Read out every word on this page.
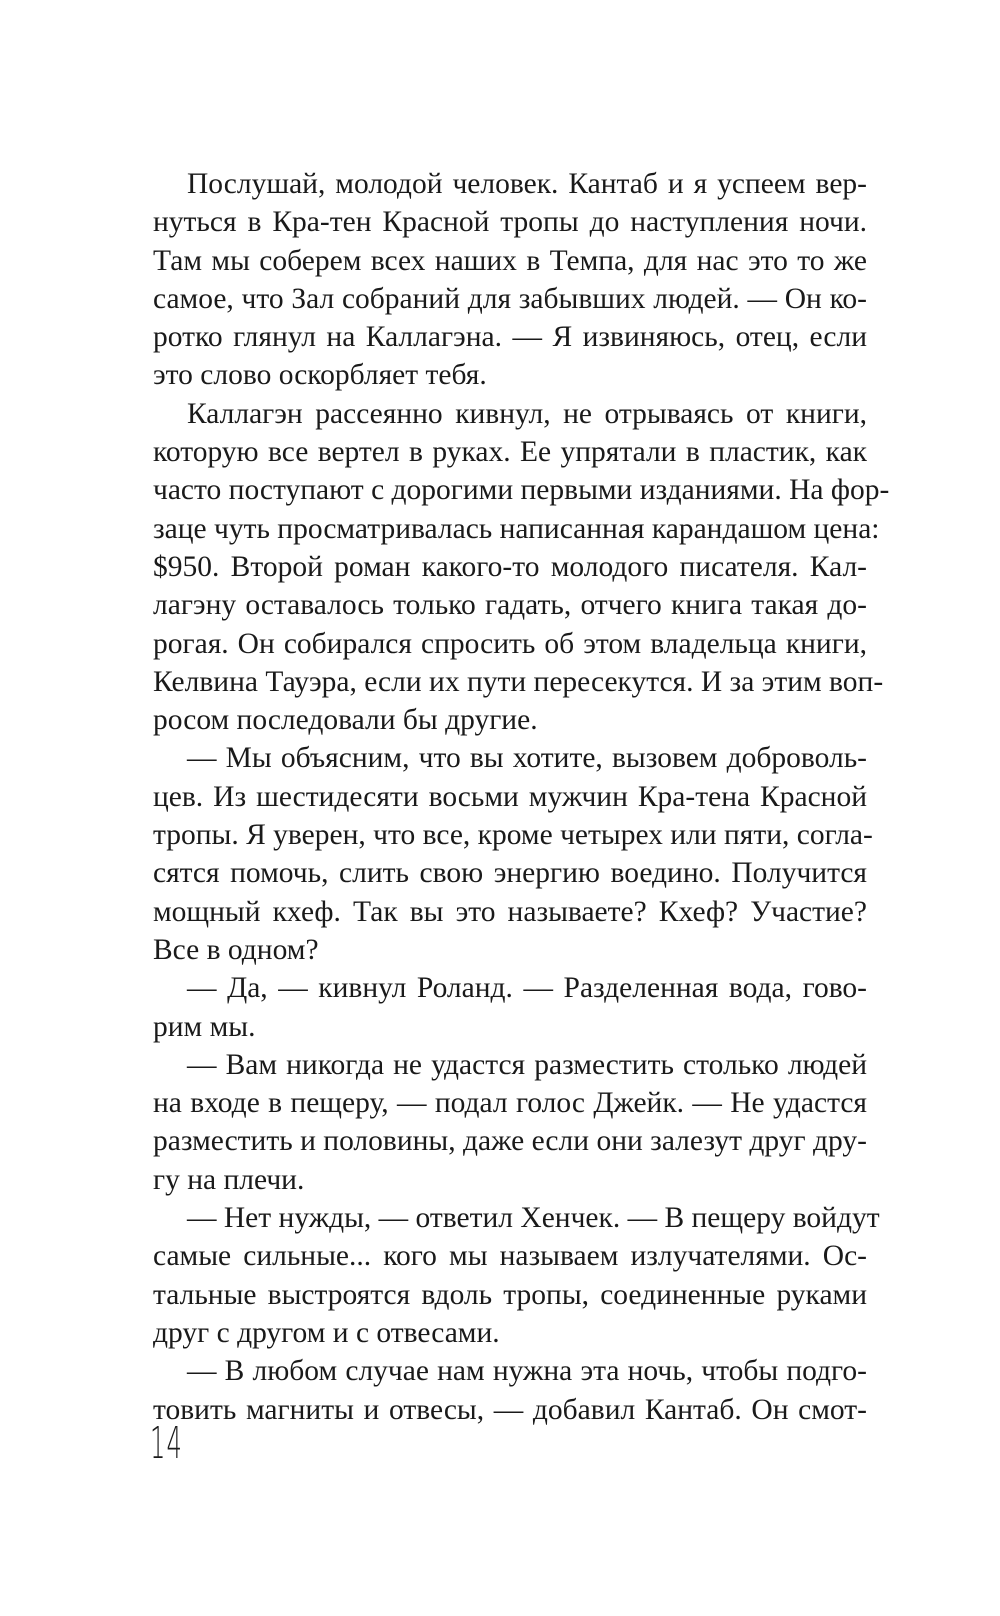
Послушай, молодой человек. Кантаб и я успеем вер-
нуться в Кра-тен Красной тропы до наступления ночи.
Там мы соберем всех наших в Темпа, для нас это то же
самое, что Зал собраний для забывших людей. — Он ко-
ротко глянул на Каллагэна. — Я извиняюсь, отец, если
это слово оскорбляет тебя.
Каллагэн рассеянно кивнул, не отрываясь от книги,
которую все вертел в руках. Ее упрятали в пластик, как
часто поступают с дорогими первыми изданиями. На фор-
заце чуть просматривалась написанная карандашом цена:
$950. Второй роман какого-то молодого писателя. Кал-
лагэну оставалось только гадать, отчего книга такая до-
рогая. Он собирался спросить об этом владельца книги,
Келвина Тауэра, если их пути пересекутся. И за этим воп-
росом последовали бы другие.
— Мы объясним, что вы хотите, вызовем доброволь-
цев. Из шестидесяти восьми мужчин Кра-тена Красной
тропы. Я уверен, что все, кроме четырех или пяти, согла-
сятся помочь, слить свою энергию воедино. Получится
мощный кхеф. Так вы это называете? Кхеф? Участие?
Все в одном?
— Да, — кивнул Роланд. — Разделенная вода, гово-
рим мы.
— Вам никогда не удастся разместить столько людей
на входе в пещеру, — подал голос Джейк. — Не удастся
разместить и половины, даже если они залезут друг дру-
гу на плечи.
— Нет нужды, — ответил Хенчек. — В пещеру войдут
самые сильные... кого мы называем излучателями. Ос-
тальные выстроятся вдоль тропы, соединенные руками
друг с другом и с отвесами.
— В любом случае нам нужна эта ночь, чтобы подго-
товить магниты и отвесы, — добавил Кантаб. Он смот-
14
